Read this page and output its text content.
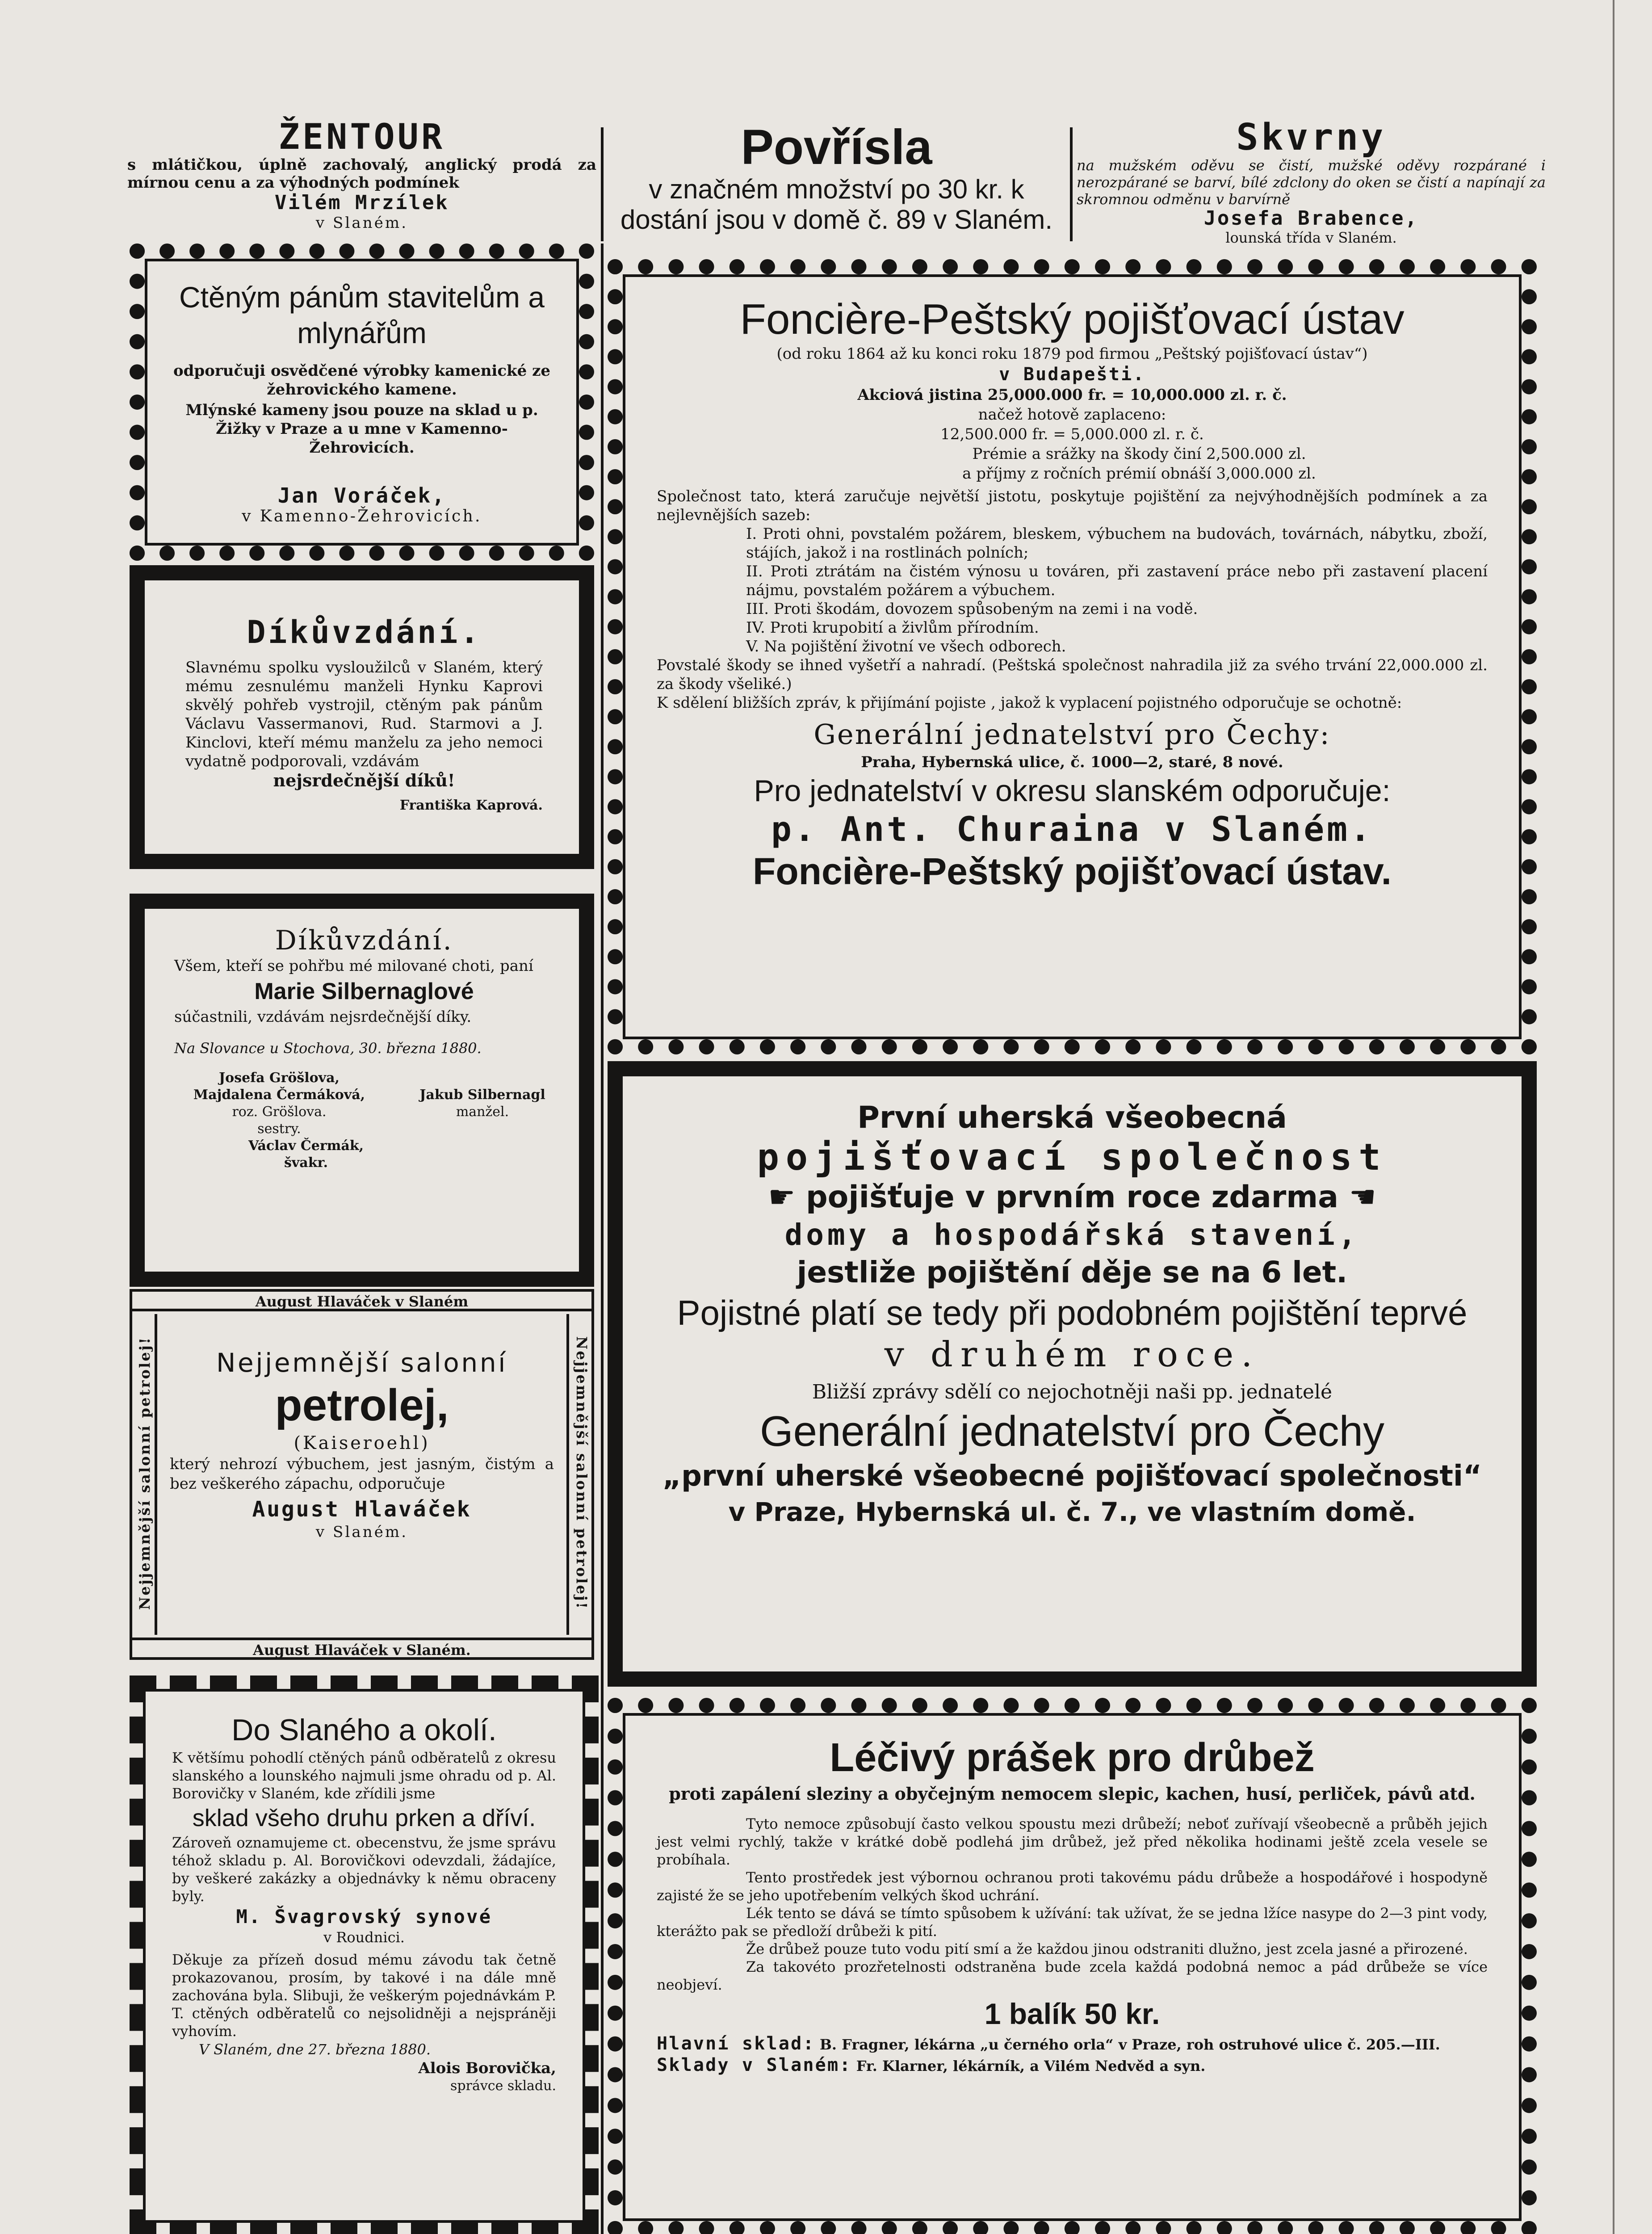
ŽENTOUR
s mlátičkou, úplně zachovalý, anglický prodá za mírnou cenu a za výhodných podmínek
Vilém Mrzílek
v Slaném.
Povřísla
v značném množství po 30 kr. k dostání jsou v domě č. 89 v Slaném.
Skvrny
na mužském oděvu se čistí, mužské oděvy rozpárané i nerozpárané se barví, bílé zdclony do oken se čistí a napínají za skromnou odměnu v barvírně
Josefa Brabence,
lounská třída v Slaném.
Ctěným pánům stavitelům a mlynářům
odporučuji osvědčené výrobky kamenické ze žehrovického kamene.
Mlýnské kameny jsou pouze na sklad u p. Žižky v Praze a u mne v Kamenno-Žehrovicích.
Jan Voráček,
v Kamenno-Žehrovicích.
Díkůvzdání.
Slavnému spolku vysloužilců v Slaném, který mému zesnulému manželi Hynku Kaprovi skvělý pohřeb vystrojil, ctěným pak pánům Václavu Vassermanovi, Rud. Starmovi a J. Kinclovi, kteří mému manželu za jeho nemoci vydatně podporovali, vzdávám
nejsrdečnější díků!
Františka Kaprová.
Díkůvzdání.
Všem, kteří se pohřbu mé milované choti, paní
Marie Silbernaglové
súčastnili, vzdávám nejsrdečnější díky.
Na Slovance u Stochova, 30. března 1880.
Josefa Gröšlova,
Majdalena Čermáková,
roz. Gröšlova.
sestry.
Václav Čermák, švakr.
Jakub Silbernagl
manžel.
August Hlaváček v Slaném
August Hlaváček v Slaném.
Nejjemnější salonní petrolej!	Nejjemnější salonní petrolej!
Nejjemnější salonní
petrolej,
(Kaiseroehl)
který nehrozí výbuchem, jest jasným, čistým a bez veškerého zápachu, odporučuje
August Hlaváček
v Slaném.
Do Slaného a okolí.
K většímu pohodlí ctěných pánů odběratelů z okresu slanského a lounského najmuli jsme ohradu od p. Al. Borovičky v Slaném, kde zřídili jsme
sklad všeho druhu prken a dříví.
Zároveň oznamujeme ct. obecenstvu, že jsme správu téhož skladu p. Al. Borovičkovi odevzdali, žádajíce, by veškeré zakázky a objednávky k němu obraceny byly.
M. Švagrovský synové
v Roudnici.
Děkuje za přízeň dosud mému závodu tak četně prokazovanou, prosím, by takové i na dále mně zachována byla. Slibuji, že veškerým pojednávkám P. T. ctěných odběratelů co nejsolidněji a nejspráněji vyhovím.
V Slaném, dne 27. března 1880.
Alois Borovička,
správce skladu.
Foncière-Peštský pojišťovací ústav
(od roku 1864 až ku konci roku 1879 pod firmou „Peštský pojišťovací ústav“)
v Budapešti.
Akciová jistina 25,000.000 fr. = 10,000.000 zl. r. č.
načež hotově zaplaceno:
12,500.000 fr. = 5,000.000 zl. r. č.
Prémie a srážky na škody činí 2,500.000 zl.
a příjmy z ročních prémií obnáší 3,000.000 zl.
Společnost tato, která zaručuje největší jistotu, poskytuje pojištění za nejvýhodnějších podmínek a za nejlevnějších sazeb:
I. Proti ohni, povstalém požárem, bleskem, výbuchem na budovách, továrnách, nábytku, zboží, stájích, jakož i na rostlinách polních;
II. Proti ztrátám na čistém výnosu u továren, při zastavení práce nebo při zastavení placení nájmu, povstalém požárem a výbuchem.
III. Proti škodám, dovozem spůsobeným na zemi i na vodě.
IV. Proti krupobití a živlům přírodním.
V. Na pojištění životní ve všech odborech.
Povstalé škody se ihned vyšetří a nahradí. (Peštská společnost nahradila již za svého trvání 22,000.000 zl. za škody všeliké.)
K sdělení bližších zpráv, k přijímání pojiste , jakož k vyplacení pojistného odporučuje se ochotně:
Generální jednatelství pro Čechy:
Praha, Hybernská ulice, č. 1000—2, staré, 8 nové.
Pro jednatelství v okresu slanském odporučuje:
p. Ant. Churaina v Slaném.
Foncière-Peštský pojišťovací ústav.
První uherská všeobecná
pojišťovací společnost
☛ pojišťuje v prvním roce zdarma ☚
domy a hospodářská stavení,
jestliže pojištění děje se na 6 let.
Pojistné platí se tedy při podobném pojištění teprvé
v druhém roce.
Bližší zprávy sdělí co nejochotněji naši pp. jednatelé
Generální jednatelství pro Čechy
„první uherské všeobecné pojišťovací společnosti“
v Praze, Hybernská ul. č. 7., ve vlastním domě.
Léčivý prášek pro drůbež
proti zapálení sleziny a obyčejným nemocem slepic, kachen, husí, perliček, pávů atd.
Tyto nemoce způsobují často velkou spoustu mezi drůbeží; neboť zuřívají všeobecně a průběh jejich jest velmi rychlý, takže v krátké době podlehá jim drůbež, jež před několika hodinami ještě zcela vesele se probíhala.
Tento prostředek jest výbornou ochranou proti takovému pádu drůbeže a hospodářové i hospodyně zajisté že se jeho upotřebením velkých škod uchrání.
Lék tento se dává se tímto spůsobem k užívání: tak užívat, že se jedna lžíce nasype do 2—3 pint vody, kterážto pak se předloží drůbeži k pití.
Že drůbež pouze tuto vodu pití smí a že každou jinou odstraniti dlužno, jest zcela jasné a přirozené.
Za takovéto prozřetelnosti odstraněna bude zcela každá podobná nemoc a pád drůbeže se více neobjeví.
1 balík 50 kr.
Hlavní sklad: B. Fragner, lékárna „u černého orla“ v Praze, roh ostruhové ulice č. 205.—III.
Sklady v Slaném: Fr. Klarner, lékárník, a Vilém Nedvěd a syn.
